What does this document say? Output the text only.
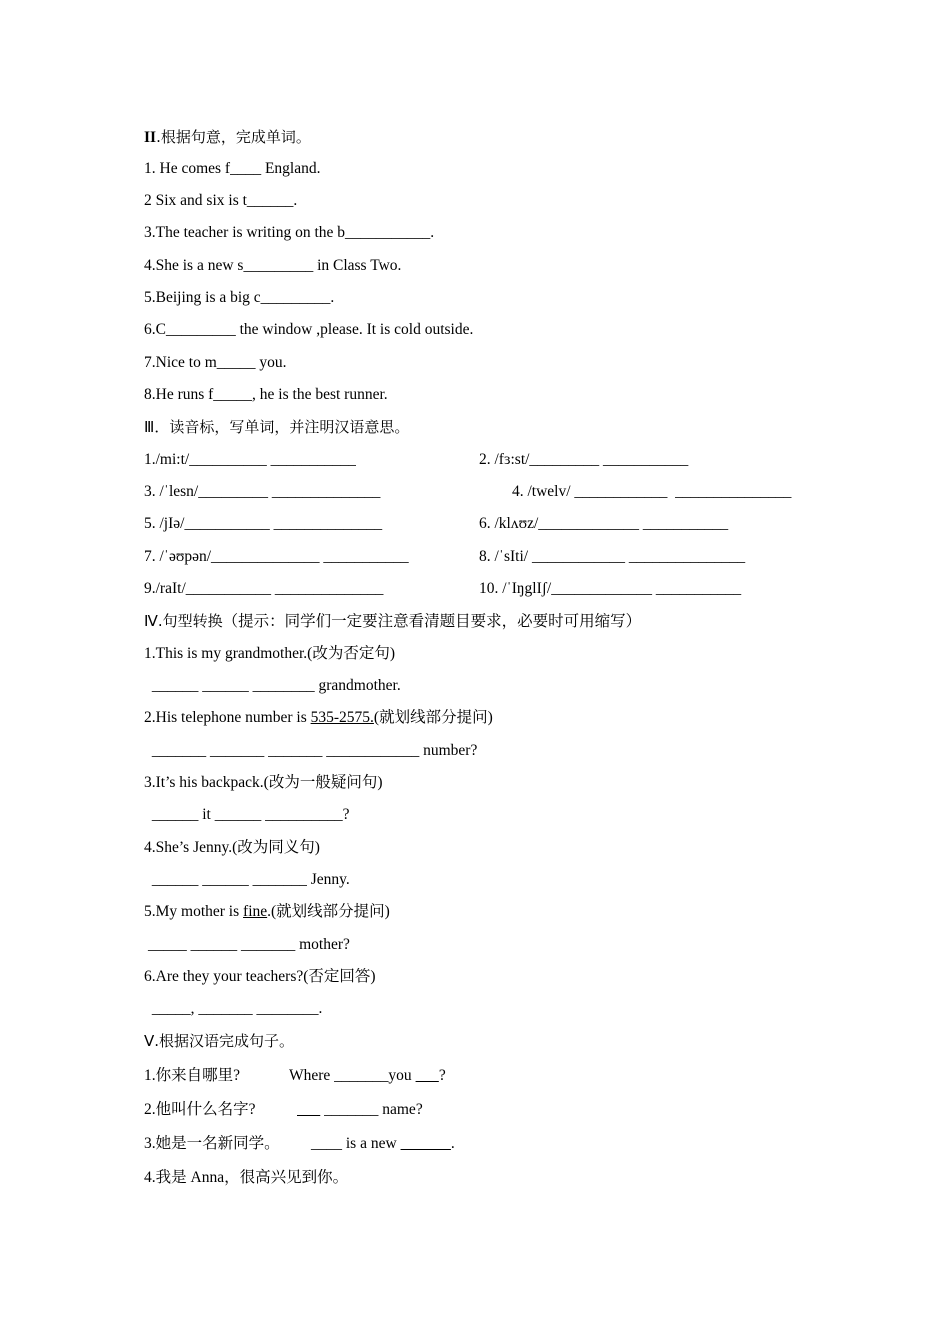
II.根据句意，完成单词。
1. He comes f____ England.
2 Six and six is t______.
3.The teacher is writing on the b___________.
4.She is a new s_________ in Class Two.
5.Beijing is a big c_________.
6.C_________ the window ,please. It is cold outside.
7.Nice to m_____ you.
8.He runs f_____, he is the best runner.
Ⅲ．读音标，写单词，并注明汉语意思。
1./mi:t/__________ ___________	2. /fɜ:st/_________ ___________
3. /ˈlesn/_________ ______________	4. /twelv/ ____________  _______________
5. /jIə/___________ ______________	6. /klʌʊz/_____________ ___________
7. /ˈəʊpən/______________ ___________	8. /ˈsIti/ ____________ _______________
9./raIt/___________ ______________	10. /ˈIŋglIʃ/_____________ ___________
Ⅳ.句型转换（提示：同学们一定要注意看清题目要求，必要时可用缩写）
1.This is my grandmother.(改为否定句)
______ ______ ________ grandmother.
2.His telephone number is 535-2575.(就划线部分提问)
_______ _______ _______ ____________ number?
3.It’s his backpack.(改为一般疑问句)
______ it ______ __________?
4.She’s Jenny.(改为同义句)
______ ______ _______ Jenny.
5.My mother is fine.(就划线部分提问)
_____ ______ _______ mother?
6.Are they your teachers?(否定回答)
_____, _______ ________.
Ⅴ.根据汉语完成句子。
1.你来自哪里?	Where _______you       ?
2.他叫什么名字?	_______ name?
3.她是一名新同学。 ____ is a new	.
4.我是 Anna，很高兴见到你。
